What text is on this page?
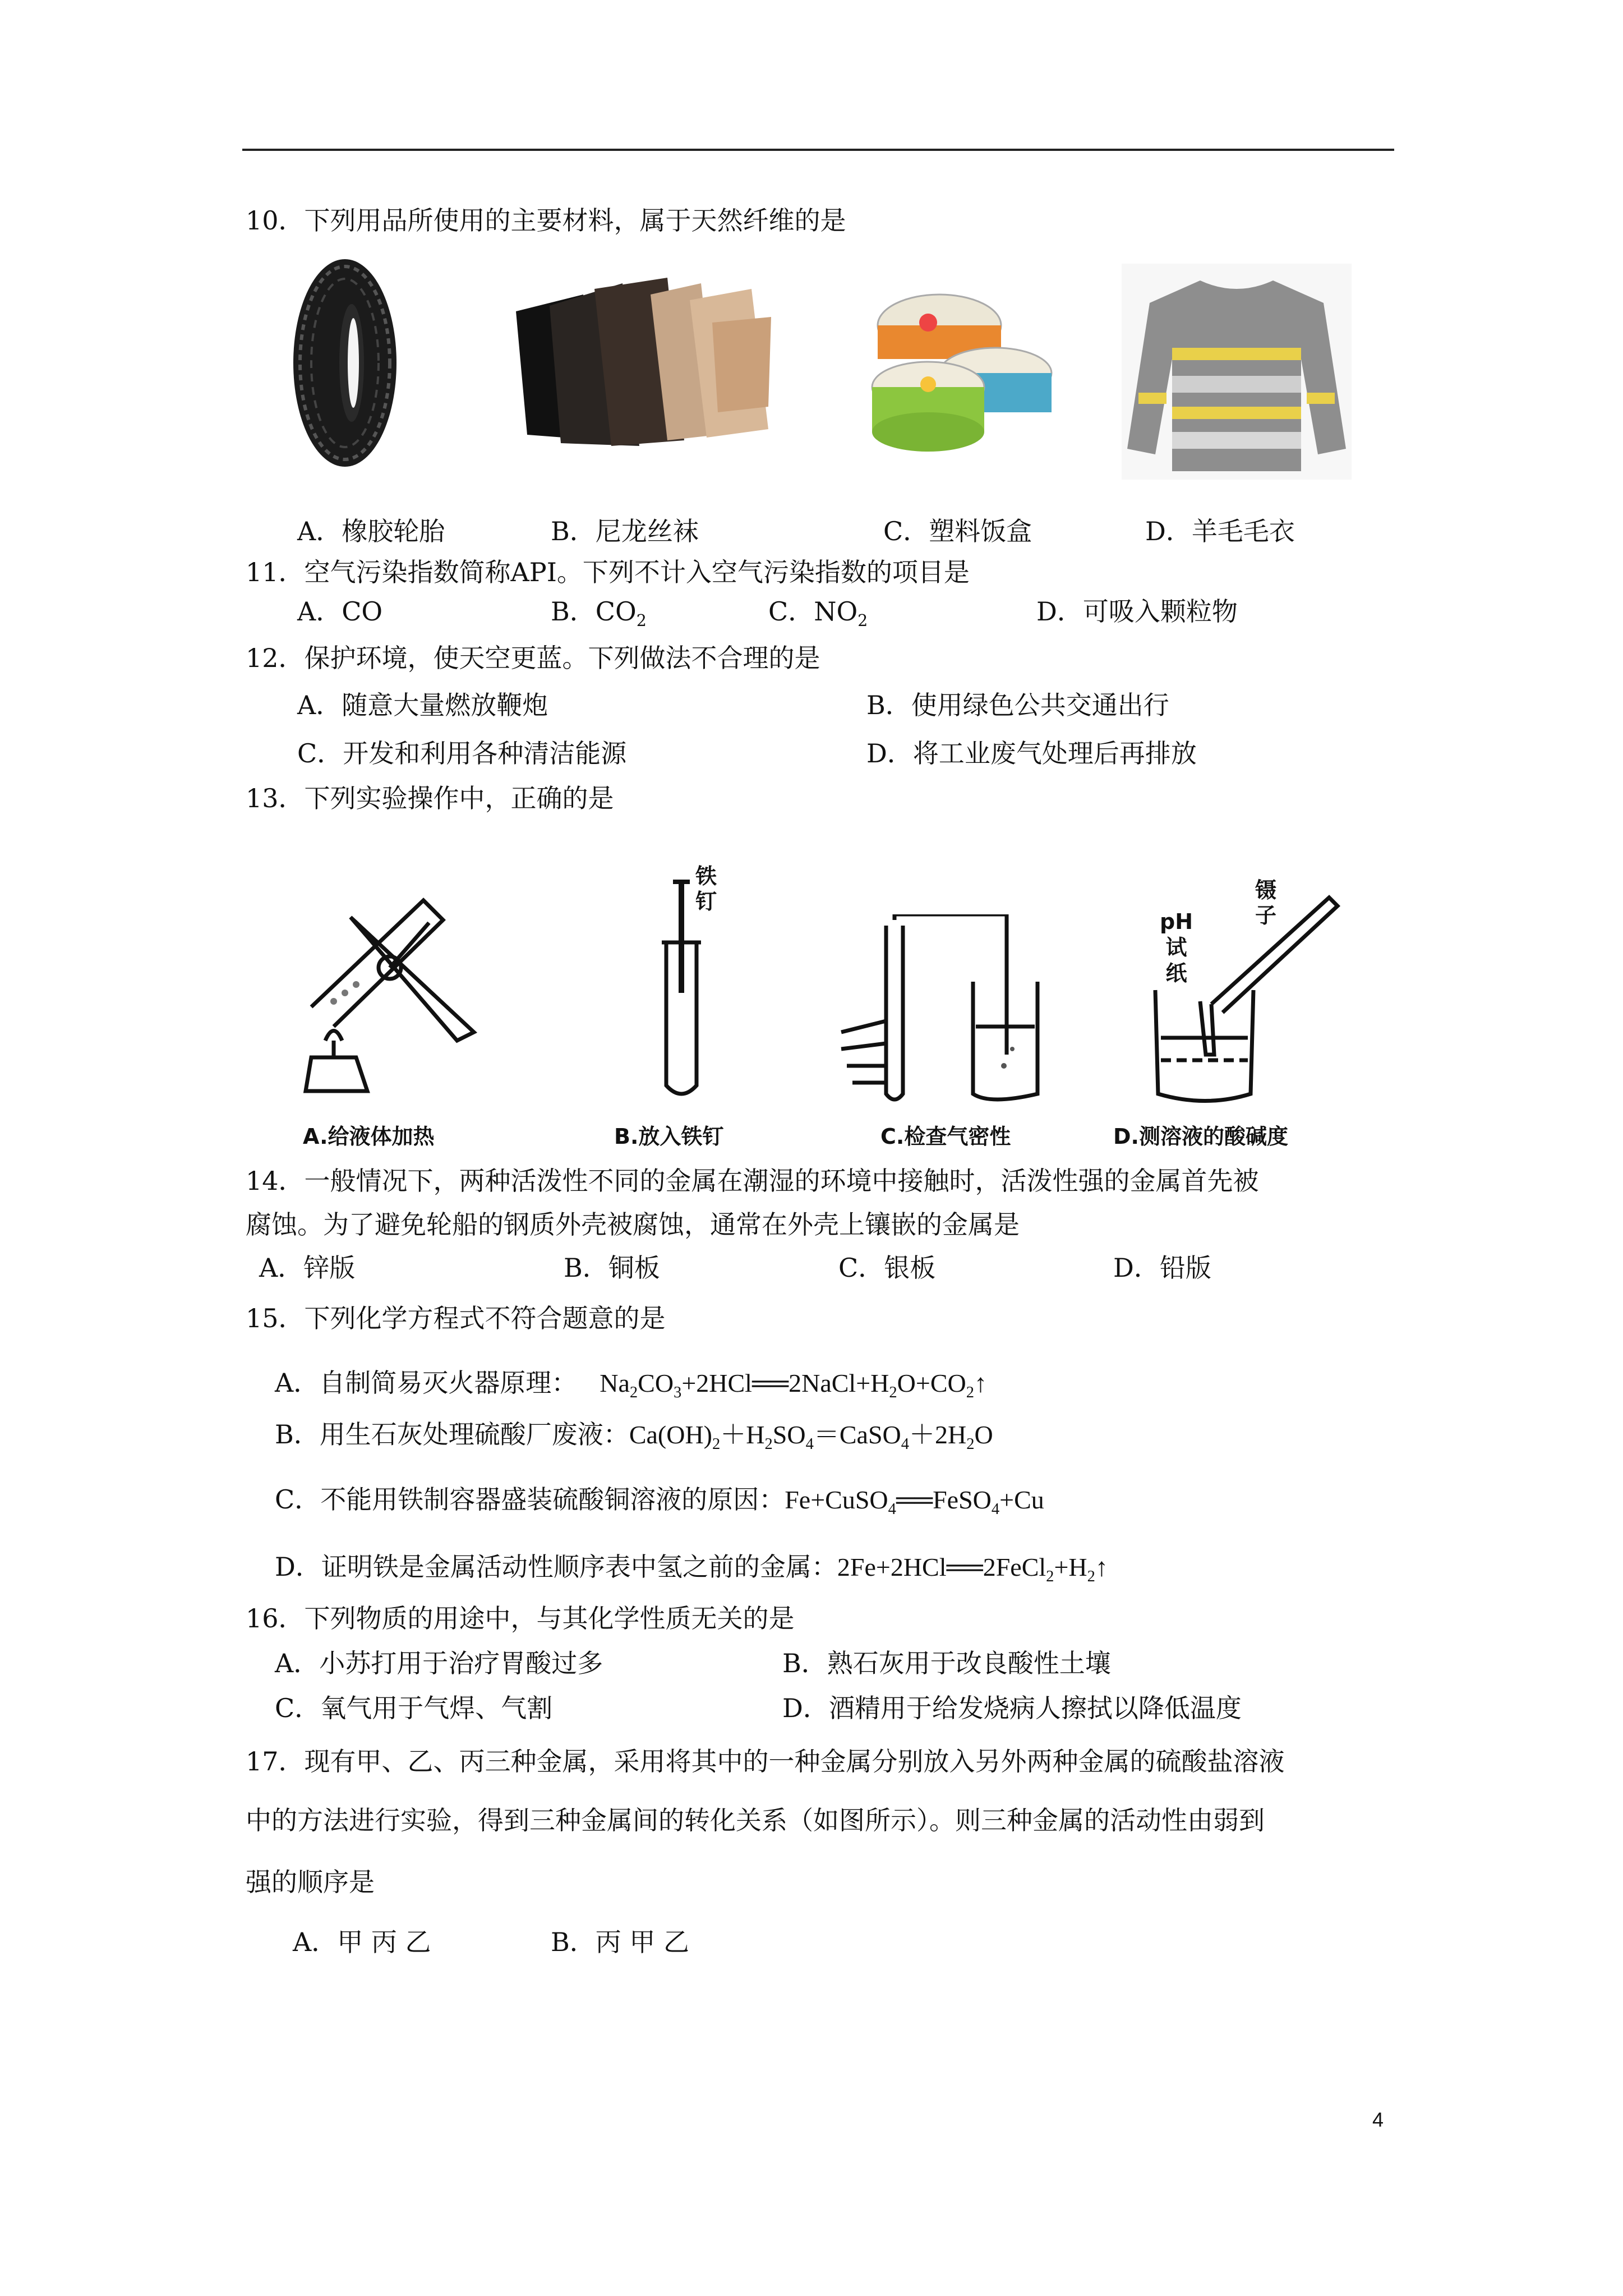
10．下列用品所使用的主要材料，属于天然纤维的是
A．橡胶轮胎	B．尼龙丝袜	C．塑料饭盒	D．羊毛毛衣
11．空气污染指数简称API。下列不计入空气污染指数的项目是
A．CO	B．$CO_2$	C．$NO_2$	D．可吸入颗粒物
12．保护环境，使天空更蓝。下列做法不合理的是
A．随意大量燃放鞭炮	B．使用绿色公共交通出行
C．开发和利用各种清洁能源	D．将工业废气处理后再排放
13．下列实验操作中，正确的是
铁
钉	镊
子
pH
试
纸
A.给液体加热	B.放入铁钉	C.检查气密性	D.测溶液的酸碱度
14．一般情况下，两种活泼性不同的金属在潮湿的环境中接触时，活泼性强的金属首先被
腐蚀。为了避免轮船的钢质外壳被腐蚀，通常在外壳上镶嵌的金属是
A．锌版	B．铜板	C．银板	D．铅版
15．下列化学方程式不符合题意的是
A．自制简易灭火器原理： $Na_2CO_3+2HCl══2NaCl+H_2O+CO_2↑$
B．用生石灰处理硫酸厂废液：$Ca(OH)_2+H_2SO_4=CaSO_4+2H_2O$
C．不能用铁制容器盛装硫酸铜溶液的原因：Fe+CuSO$_4$══FeSO$_4$+Cu
D．证明铁是金属活动性顺序表中氢之前的金属：$2Fe+2HCl══2FeCl_2+H_2↑$
16．下列物质的用途中，与其化学性质无关的是
A．小苏打用于治疗胃酸过多	B．熟石灰用于改良酸性土壤
C．氧气用于气焊、气割	D．酒精用于给发烧病人擦拭以降低温度
17．现有甲、乙、丙三种金属，采用将其中的一种金属分别放入另外两种金属的硫酸盐溶液
中的方法进行实验，得到三种金属间的转化关系（如图所示）。则三种金属的活动性由弱到
强的顺序是
A．甲 丙 乙	B．丙 甲 乙
4
